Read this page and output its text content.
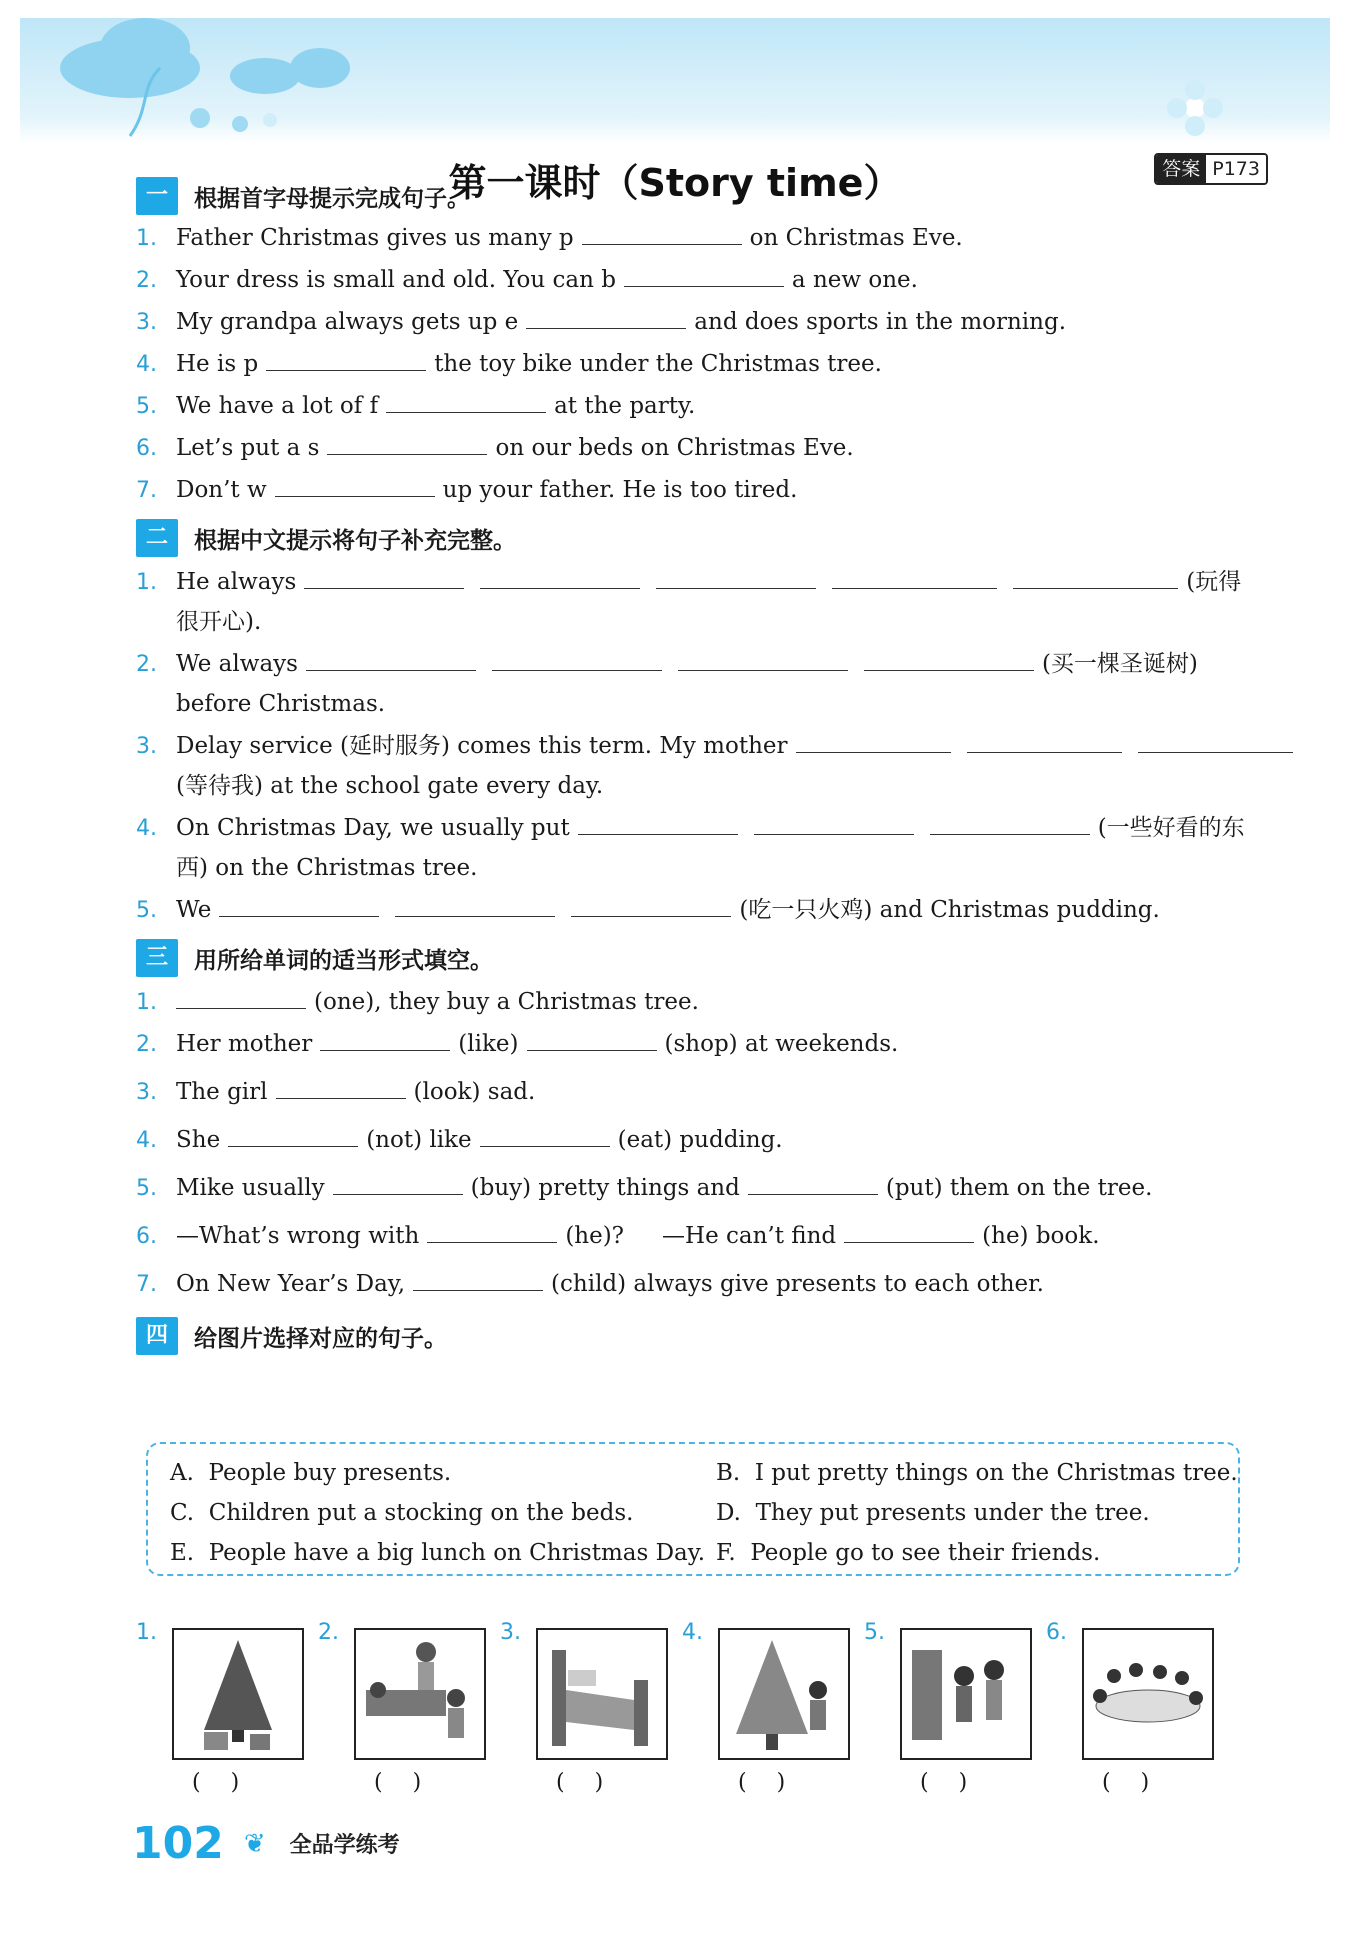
第一课时（Story time）	答案 P173
一	根据首字母提示完成句子。
1. Father Christmas gives us many p	on Christmas Eve.
2. Your dress is small and old. You can b	a new one.
3. My grandpa always gets up e	and does sports in the morning.
4. He is p	the toy bike under the Christmas tree.
5. We have a lot of f	at the party.
6. Let’s put a s	on our beds on Christmas Eve.
7. Don’t w	up your father. He is too tired.
二	根据中文提示将句子补充完整。
1. He always	(玩得
很开心).
2. We always	(买一棵圣诞树)
before Christmas.
3. Delay service (延时服务) comes this term. My mother
(等待我) at the school gate every day.
4. On Christmas Day, we usually put	(一些好看的东
西) on the Christmas tree.
5. We	(吃一只火鸡) and Christmas pudding.
三	用所给单词的适当形式填空。
1.	(one), they buy a Christmas tree.
2. Her mother	(like)	(shop) at weekends.
3. The girl	(look) sad.
4. She	(not) like	(eat) pudding.
5. Mike usually	(buy) pretty things and	(put) them on the tree.
6. —What’s wrong with	(he)? —He can’t find	(he) book.
7. On New Year’s Day,	(child) always give presents to each other.
四	给图片选择对应的句子。
A. People buy presents.	B. I put pretty things on the Christmas tree.
C. Children put a stocking on the beds.	D. They put presents under the tree.
E. People have a big lunch on Christmas Day. F. People go to see their friends.
1.
()
2.
()
3.
()
4.
()
5.
()
6.
()
102 ❦ 全品学练考
